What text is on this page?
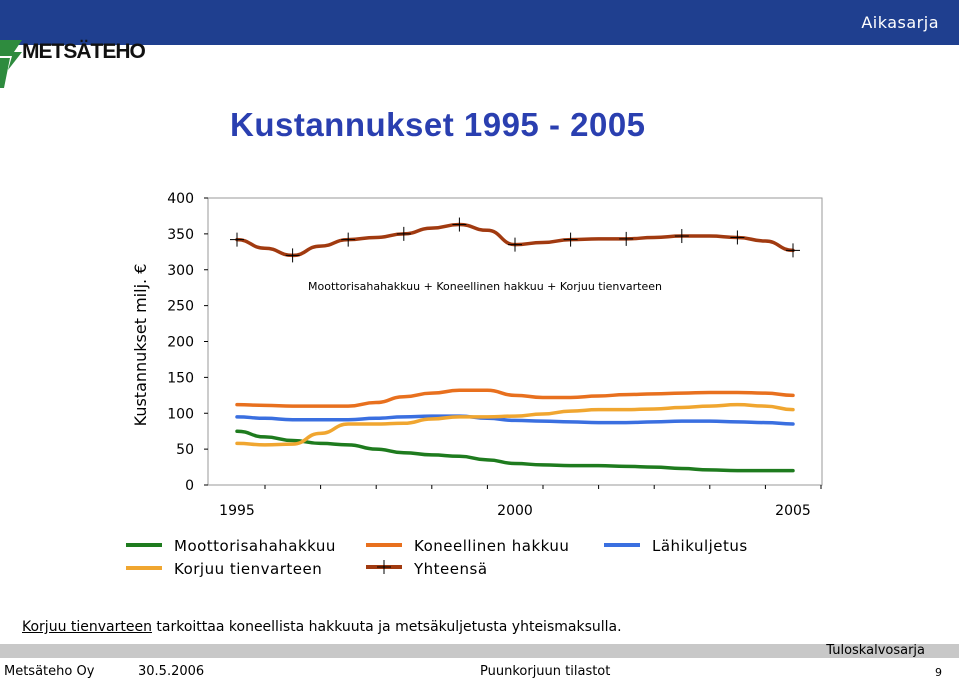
Aikasarja
METSÄTEHO
Kustannukset 1995 - 2005
0
50
100
150
200
250
300
350
400
1995	2000	2005
Kustannukset milj. €	Moottorisahahakkuu + Koneellinen hakkuu + Korjuu tienvarteen
Moottorisahahakkuu	Koneellinen hakkuu	Lähikuljetus
Korjuu tienvarteen	Yhteensä
Korjuu tienvarteen tarkoittaa koneellista hakkuuta ja metsäkuljetusta yhteismaksulla.
Tuloskalvosarja
Metsäteho Oy	30.5.2006	Puunkorjuun tilastot	9
